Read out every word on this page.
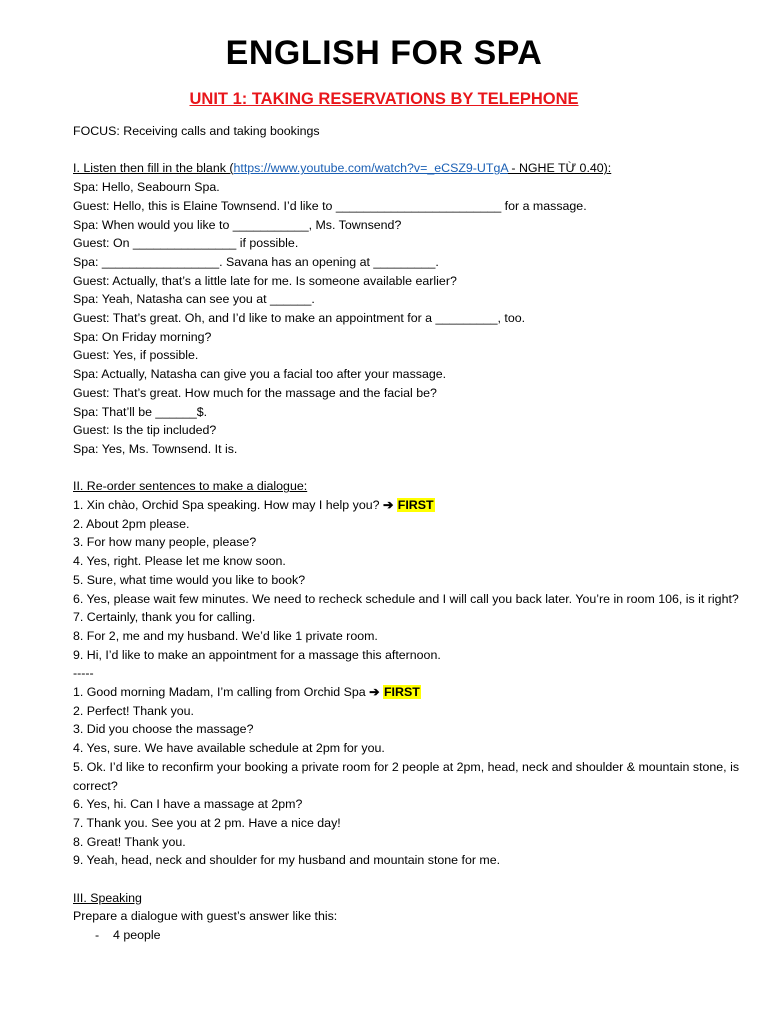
ENGLISH FOR SPA
UNIT 1: TAKING RESERVATIONS BY TELEPHONE
FOCUS: Receiving calls and taking bookings
I. Listen then fill in the blank (https://www.youtube.com/watch?v=_eCSZ9-UTgA - NGHE TỪ 0.40):
Spa: Hello, Seabourn Spa.
Guest: Hello, this is Elaine Townsend. I’d like to ________________________ for a massage.
Spa: When would you like to ___________, Ms. Townsend?
Guest: On _______________ if possible.
Spa: _________________. Savana has an opening at _________.
Guest: Actually, that’s a little late for me. Is someone available earlier?
Spa: Yeah, Natasha can see you at ______.
Guest: That’s great. Oh, and I’d like to make an appointment for a _________, too.
Spa: On Friday morning?
Guest: Yes, if possible.
Spa: Actually, Natasha can give you a facial too after your massage.
Guest: That’s great. How much for the massage and the facial be?
Spa: That’ll be ______$.
Guest: Is the tip included?
Spa: Yes, Ms. Townsend. It is.
II. Re-order sentences to make a dialogue:
1. Xin chào, Orchid Spa speaking. How may I help you? ➔ FIRST
2. About 2pm please.
3. For how many people, please?
4. Yes, right. Please let me know soon.
5. Sure, what time would you like to book?
6. Yes, please wait few minutes. We need to recheck schedule and I will call you back later. You’re in room 106, is it right?
7. Certainly, thank you for calling.
8. For 2, me and my husband. We’d like 1 private room.
9. Hi, I’d like to make an appointment for a massage this afternoon.
-----
1. Good morning Madam, I’m calling from Orchid Spa ➔ FIRST
2. Perfect! Thank you.
3. Did you choose the massage?
4. Yes, sure. We have available schedule at 2pm for you.
5. Ok. I’d like to reconfirm your booking a private room for 2 people at 2pm, head, neck and shoulder & mountain stone, is correct?
6. Yes, hi. Can I have a massage at 2pm?
7. Thank you. See you at 2 pm. Have a nice day!
8. Great! Thank you.
9. Yeah, head, neck and shoulder for my husband and mountain stone for me.
III. Speaking
Prepare a dialogue with guest’s answer like this:
- 4 people
